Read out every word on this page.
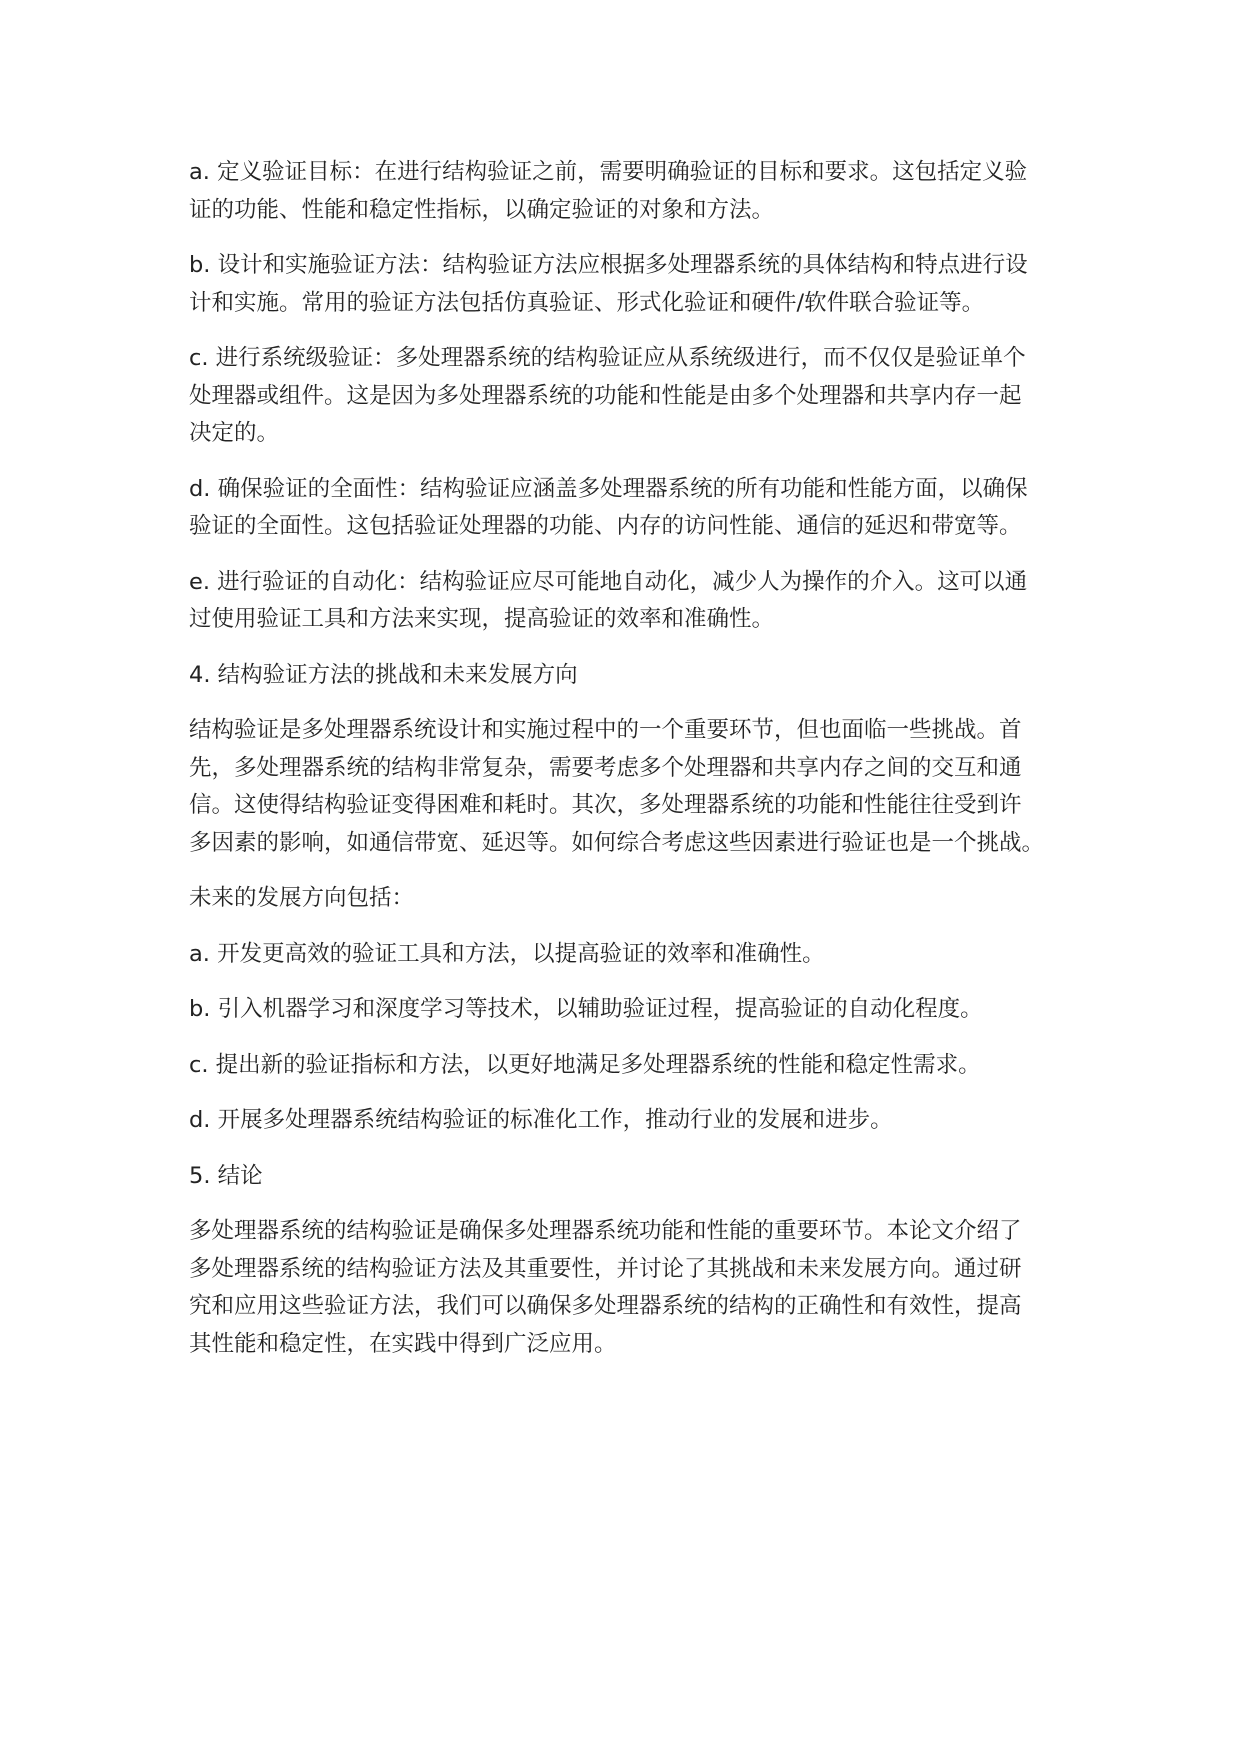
a. 定义验证目标：在进行结构验证之前，需要明确验证的目标和要求。这包括定义验
证的功能、性能和稳定性指标，以确定验证的对象和方法。

b. 设计和实施验证方法：结构验证方法应根据多处理器系统的具体结构和特点进行设
计和实施。常用的验证方法包括仿真验证、形式化验证和硬件/软件联合验证等。

c. 进行系统级验证：多处理器系统的结构验证应从系统级进行，而不仅仅是验证单个
处理器或组件。这是因为多处理器系统的功能和性能是由多个处理器和共享内存一起
决定的。

d. 确保验证的全面性：结构验证应涵盖多处理器系统的所有功能和性能方面，以确保
验证的全面性。这包括验证处理器的功能、内存的访问性能、通信的延迟和带宽等。

e. 进行验证的自动化：结构验证应尽可能地自动化，减少人为操作的介入。这可以通
过使用验证工具和方法来实现，提高验证的效率和准确性。

4. 结构验证方法的挑战和未来发展方向

结构验证是多处理器系统设计和实施过程中的一个重要环节，但也面临一些挑战。首
先，多处理器系统的结构非常复杂，需要考虑多个处理器和共享内存之间的交互和通
信。这使得结构验证变得困难和耗时。其次，多处理器系统的功能和性能往往受到许
多因素的影响，如通信带宽、延迟等。如何综合考虑这些因素进行验证也是一个挑战。

未来的发展方向包括：

a. 开发更高效的验证工具和方法，以提高验证的效率和准确性。

b. 引入机器学习和深度学习等技术，以辅助验证过程，提高验证的自动化程度。

c. 提出新的验证指标和方法，以更好地满足多处理器系统的性能和稳定性需求。

d. 开展多处理器系统结构验证的标准化工作，推动行业的发展和进步。

5. 结论

多处理器系统的结构验证是确保多处理器系统功能和性能的重要环节。本论文介绍了
多处理器系统的结构验证方法及其重要性，并讨论了其挑战和未来发展方向。通过研
究和应用这些验证方法，我们可以确保多处理器系统的结构的正确性和有效性，提高
其性能和稳定性，在实践中得到广泛应用。
